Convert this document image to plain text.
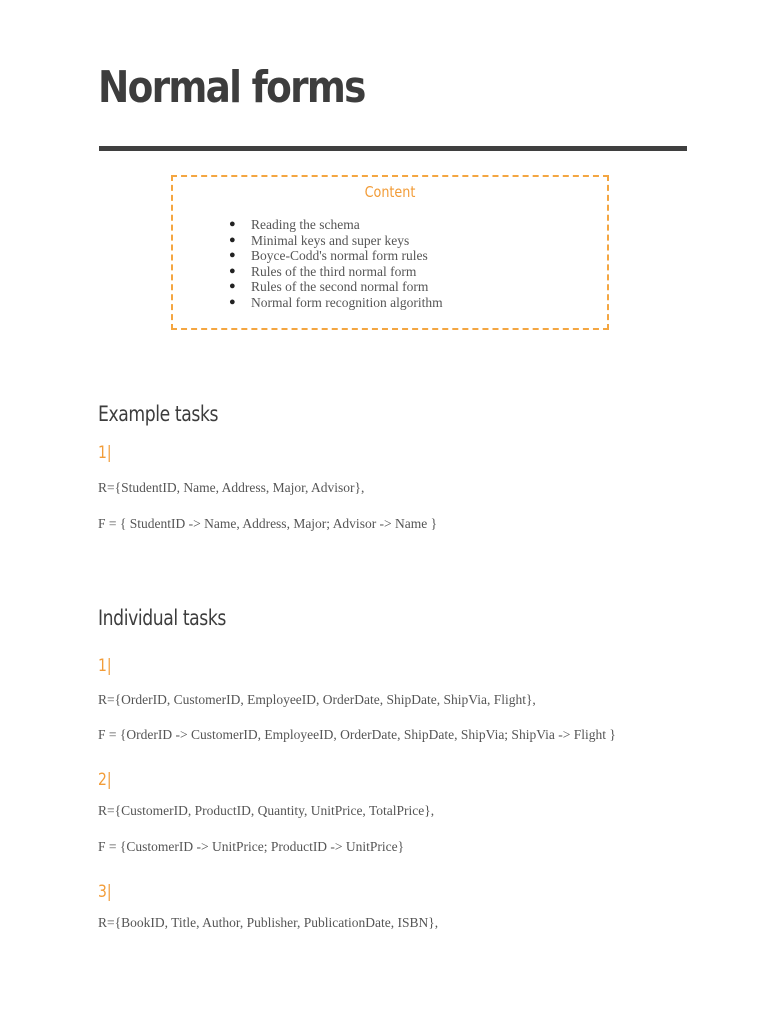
Normal forms
Content
● Reading the schema
● Minimal keys and super keys
● Boyce-Codd's normal form rules
● Rules of the third normal form
● Rules of the second normal form
● Normal form recognition algorithm
Example tasks
1|
R={StudentID, Name, Address, Major, Advisor},
F = { StudentID -> Name, Address, Major; Advisor -> Name }
Individual tasks
1|
R={OrderID, CustomerID, EmployeeID, OrderDate, ShipDate, ShipVia, Flight},
F = {OrderID -> CustomerID, EmployeeID, OrderDate, ShipDate, ShipVia; ShipVia -> Flight }
2|
R={CustomerID, ProductID, Quantity, UnitPrice, TotalPrice},
F = {CustomerID -> UnitPrice; ProductID -> UnitPrice}
3|
R={BookID, Title, Author, Publisher, PublicationDate, ISBN},
